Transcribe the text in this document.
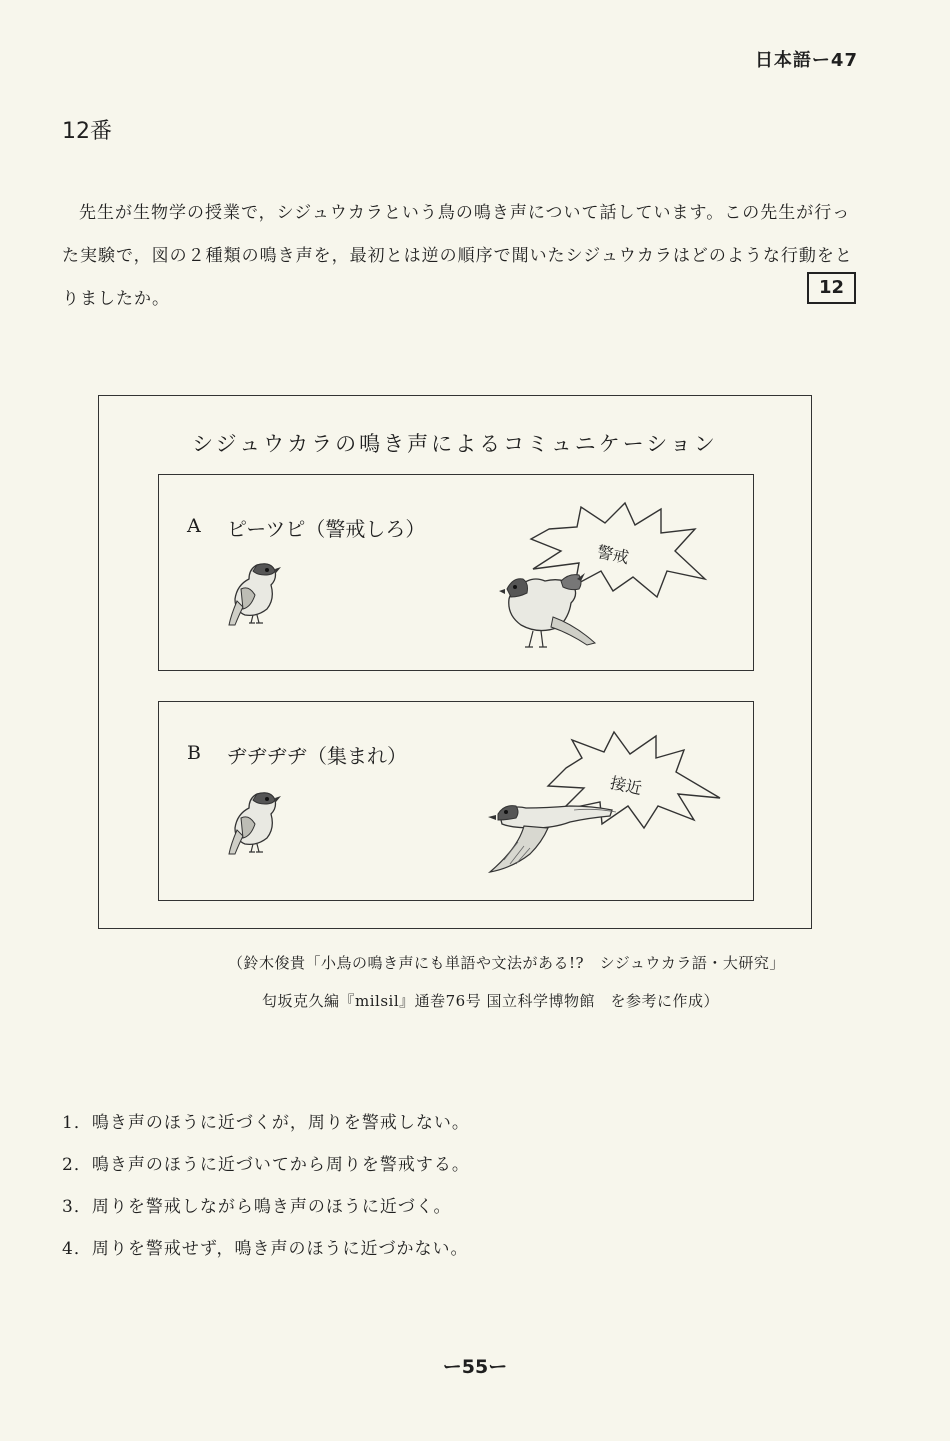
日本語ー47
12番
先生が生物学の授業で，シジュウカラという鳥の鳴き声について話しています。この先生が行った実験で，図の２種類の鳴き声を，最初とは逆の順序で聞いたシジュウカラはどのような行動をとりましたか。
12
シジュウカラの鳴き声によるコミュニケーション
A ピーツピ（警戒しろ）
警戒
B ヂヂヂヂ（集まれ）
接近
（鈴木俊貴「小鳥の鳴き声にも単語や文法がある!?　シジュウカラ語・大研究」
匂坂克久編『milsil』通巻76号 国立科学博物館　を参考に作成）
1．鳴き声のほうに近づくが，周りを警戒しない。
2．鳴き声のほうに近づいてから周りを警戒する。
3．周りを警戒しながら鳴き声のほうに近づく。
4．周りを警戒せず，鳴き声のほうに近づかない。
ー55ー
